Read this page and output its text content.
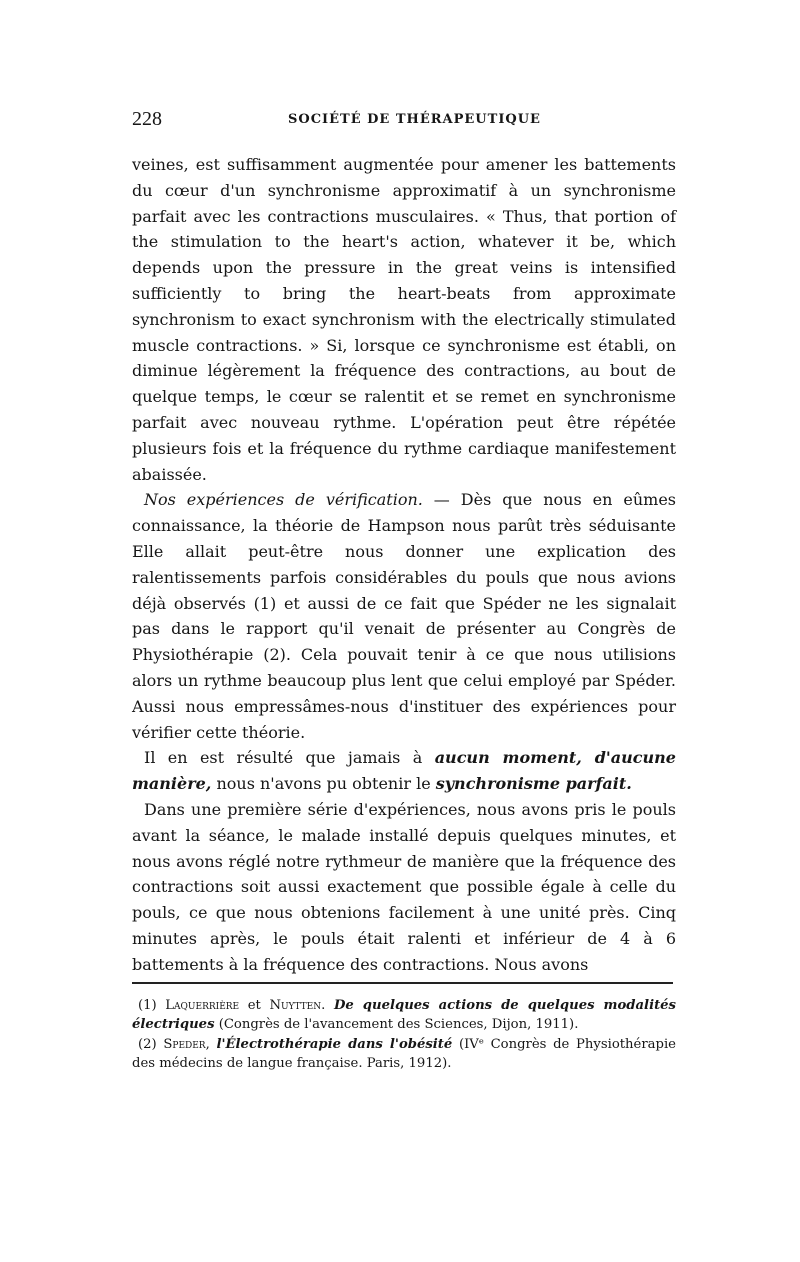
228	SOCIÉTÉ DE THÉRAPEUTIQUE

veines, est suffisamment augmentée pour amener les battements du cœur d'un synchronisme approximatif à un synchronisme parfait avec les contractions musculaires. « Thus, that portion of the stimulation to the heart's action, whatever it be, which depends upon the pressure in the great veins is intensified sufficiently to bring the heart-beats from approximate synchronism to exact synchronism with the electrically stimulated muscle contractions. » Si, lorsque ce synchronisme est établi, on diminue légèrement la fréquence des contractions, au bout de quelque temps, le cœur se ralentit et se remet en synchronisme parfait avec nouveau rythme. L'opération peut être répétée plusieurs fois et la fréquence du rythme cardiaque manifestement abaissée.

Nos expériences de vérification. — Dès que nous en eûmes connaissance, la théorie de Hampson nous parût très séduisante Elle allait peut-être nous donner une explication des ralentissements parfois considérables du pouls que nous avions déjà observés (1) et aussi de ce fait que Spéder ne les signalait pas dans le rapport qu'il venait de présenter au Congrès de Physiothérapie (2). Cela pouvait tenir à ce que nous utilisions alors un rythme beaucoup plus lent que celui employé par Spéder. Aussi nous empressâmes-nous d'instituer des expériences pour vérifier cette théorie.

Il en est résulté que jamais à aucun moment, d'aucune manière, nous n'avons pu obtenir le synchronisme parfait.

Dans une première série d'expériences, nous avons pris le pouls avant la séance, le malade installé depuis quelques minutes, et nous avons réglé notre rythmeur de manière que la fréquence des contractions soit aussi exactement que possible égale à celle du pouls, ce que nous obtenions facilement à une unité près. Cinq minutes après, le pouls était ralenti et inférieur de 4 à 6 battements à la fréquence des contractions. Nous avons

(1) Laquerrière et Nuytten. De quelques actions de quelques modalités électriques (Congrès de l'avancement des Sciences, Dijon, 1911).

(2) Speder, l'Électrothérapie dans l'obésité (IVᵉ Congrès de Physiothérapie des médecins de langue française. Paris, 1912).
